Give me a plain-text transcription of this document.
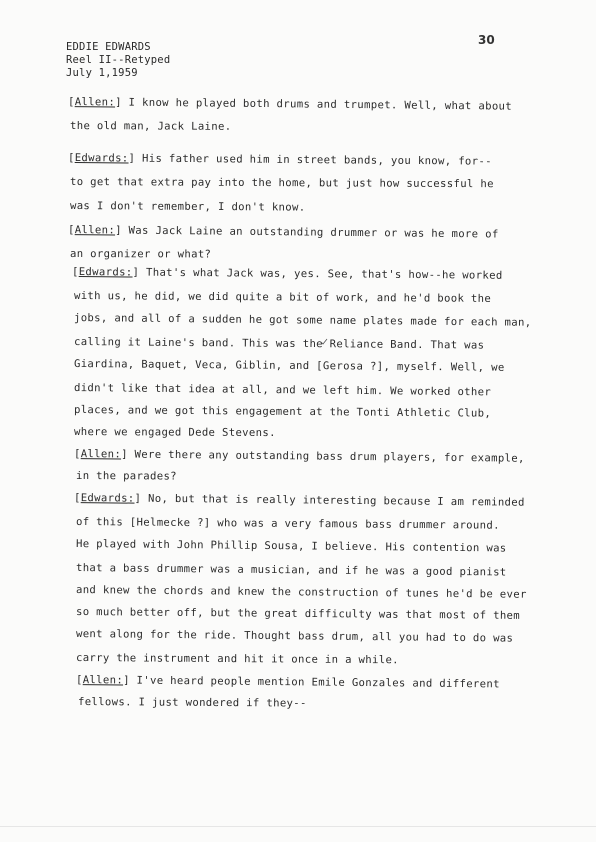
EDDIE EDWARDS
Reel II--Retyped
July 1,1959
30
[Allen:] I know he played both drums and trumpet. Well, what about
the old man, Jack Laine.
[Edwards:] His father used him in street bands, you know, for--
to get that extra pay into the home, but just how successful he
was I don't remember, I don't know.
[Allen:] Was Jack Laine an outstanding drummer or was he more of
an organizer or what?
[Edwards:] That's what Jack was, yes. See, that's how--he worked
with us, he did, we did quite a bit of work, and he'd book the
jobs, and all of a sudden he got some name plates made for each man,
calling it Laine's band. This was the Reliance Band. That was
Giardina, Baquet, Veca, Giblin, and [Gerosa ?], myself. Well, we
didn't like that idea at all, and we left him. We worked other
places, and we got this engagement at the Tonti Athletic Club,
where we engaged Dede Stevens.
[Allen:] Were there any outstanding bass drum players, for example,
in the parades?
[Edwards:] No, but that is really interesting because I am reminded
of this [Helmecke ?] who was a very famous bass drummer around.
He played with John Phillip Sousa, I believe. His contention was
that a bass drummer was a musician, and if he was a good pianist
and knew the chords and knew the construction of tunes he'd be ever
so much better off, but the great difficulty was that most of them
went along for the ride. Thought bass drum, all you had to do was
carry the instrument and hit it once in a while.
[Allen:] I've heard people mention Emile Gonzales and different
fellows. I just wondered if they--
